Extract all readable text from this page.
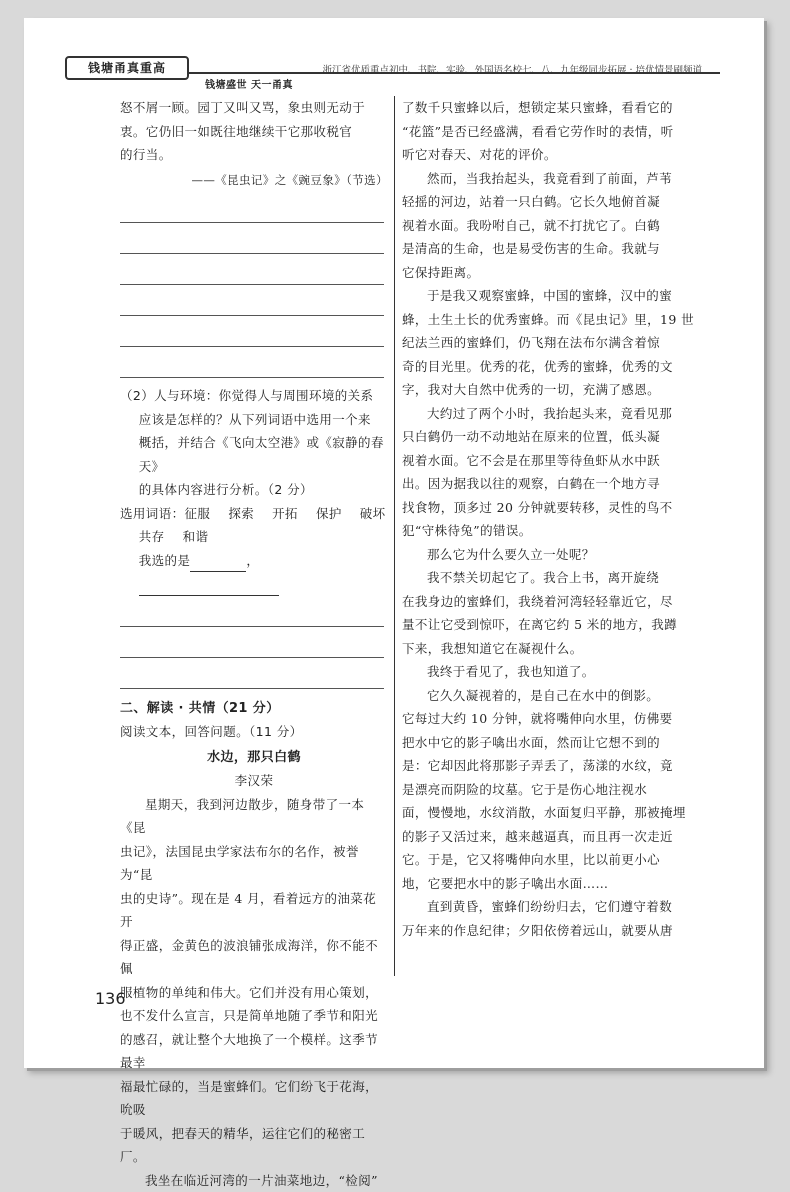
钱塘甬真重高
钱塘盛世 天一甬真
浙江省优质重点初中、书院、实验、外国语名校七、八、九年级同步拓展 · 培优情景刷频道

怒不屑一顾。园丁又叫又骂，象虫则无动于

衷。它仍旧一如既往地继续干它那收税官

的行当。

——《昆虫记》之《豌豆象》（节选）

（2）人与环境：你觉得人与周围环境的关系

应该是怎样的？从下列词语中选用一个来

概括，并结合《飞向太空港》或《寂静的春天》

的具体内容进行分析。（2 分）

选用词语：征服 探索 开拓 保护 破坏

共存 和谐

我选的是	，

二、解读 · 共情（21 分）

阅读文本，回答问题。（11 分）

水边，那只白鹤

李汉荣

星期天，我到河边散步，随身带了一本《昆

虫记》，法国昆虫学家法布尔的名作，被誉为“昆

虫的史诗”。现在是 4 月，看着远方的油菜花开

得正盛，金黄色的波浪铺张成海洋，你不能不佩

服植物的单纯和伟大。它们并没有用心策划，

也不发什么宣言，只是简单地随了季节和阳光

的感召，就让整个大地换了一个模样。这季节最幸

福最忙碌的，当是蜜蜂们。它们纷飞于花海，吮吸

于暖风，把春天的精华，运往它们的秘密工厂。

我坐在临近河湾的一片油菜地边，“检阅”

了数千只蜜蜂以后，想锁定某只蜜蜂，看看它的

“花篮”是否已经盛满，看看它劳作时的表情，听

听它对春天、对花的评价。

然而，当我抬起头，我竟看到了前面，芦苇

轻摇的河边，站着一只白鹤。它长久地俯首凝

视着水面。我吩咐自己，就不打扰它了。白鹤

是清高的生命，也是易受伤害的生命。我就与

它保持距离。

于是我又观察蜜蜂，中国的蜜蜂，汉中的蜜

蜂，土生土长的优秀蜜蜂。而《昆虫记》里，19 世

纪法兰西的蜜蜂们，仍飞翔在法布尔满含着惊

奇的目光里。优秀的花，优秀的蜜蜂，优秀的文

字，我对大自然中优秀的一切，充满了感恩。

大约过了两个小时，我抬起头来，竟看见那

只白鹤仍一动不动地站在原来的位置，低头凝

视着水面。它不会是在那里等待鱼虾从水中跃

出。因为据我以往的观察，白鹤在一个地方寻

找食物，顶多过 20 分钟就要转移，灵性的鸟不

犯“守株待兔”的错误。

那么它为什么要久立一处呢？

我不禁关切起它了。我合上书，离开旋绕

在我身边的蜜蜂们，我绕着河湾轻轻靠近它，尽

量不让它受到惊吓，在离它约 5 米的地方，我蹲

下来，我想知道它在凝视什么。

我终于看见了，我也知道了。

它久久凝视着的，是自己在水中的倒影。

它每过大约 10 分钟，就将嘴伸向水里，仿佛要

把水中它的影子噙出水面，然而让它想不到的

是：它却因此将那影子弄丢了，荡漾的水纹，竟

是漂亮而阴险的坟墓。它于是伤心地注视水

面，慢慢地，水纹消散，水面复归平静，那被掩埋

的影子又活过来，越来越逼真，而且再一次走近

它。于是，它又将嘴伸向水里，比以前更小心

地，它要把水中的影子噙出水面……

直到黄昏，蜜蜂们纷纷归去，它们遵守着数

万年来的作息纪律；夕阳依傍着远山，就要从唐

136
